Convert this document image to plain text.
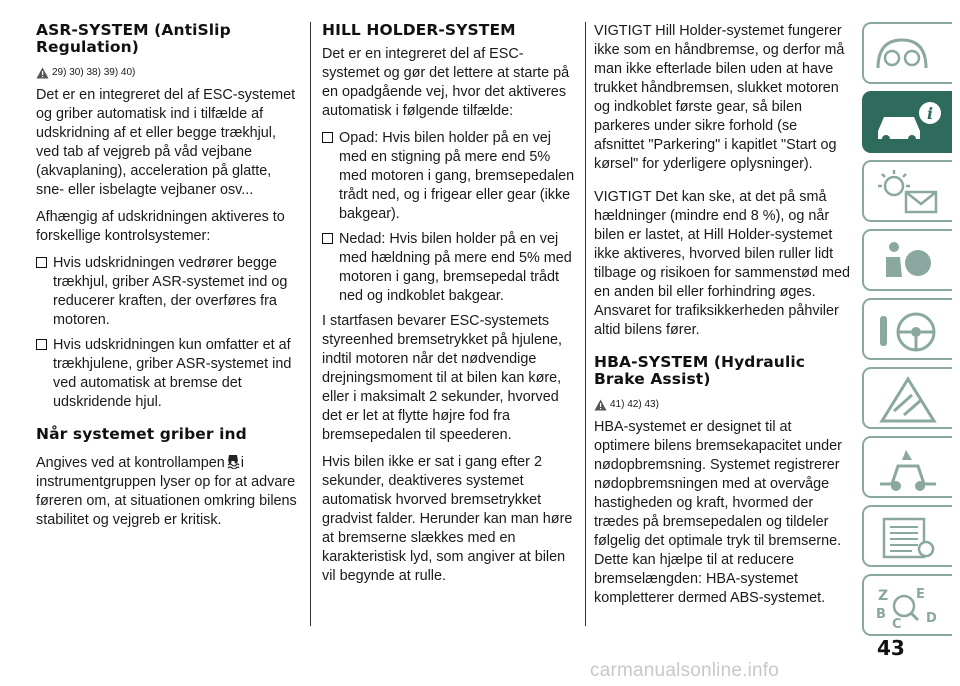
ASR-SYSTEM (AntiSlip Regulation)
29) 30) 38) 39) 40)

Det er en integreret del af ESC-systemet og griber automatisk ind i tilfælde af udskridning af et eller begge trækhjul, ved tab af vejgreb på våd vejbane (akvaplaning), acceleration på glatte, sne- eller isbelagte vejbaner osv...

Afhængig af udskridningen aktiveres to forskellige kontrolsystemer:

Hvis udskridningen vedrører begge trækhjul, griber ASR-systemet ind og reducerer kraften, der overføres fra motoren.

Hvis udskridningen kun omfatter et af trækhjulene, griber ASR-systemet ind ved automatisk at bremse det udskridende hjul.

Når systemet griber ind

Angives ved at kontrollampen i instrumentgruppen lyser op for at advare føreren om, at situationen omkring bilens stabilitet og vejgreb er kritisk.

HILL HOLDER-SYSTEM

Det er en integreret del af ESC-systemet og gør det lettere at starte på en opadgående vej, hvor det aktiveres automatisk i følgende tilfælde:

Opad: Hvis bilen holder på en vej med en stigning på mere end 5% med motoren i gang, bremsepedalen trådt ned, og i frigear eller gear (ikke bakgear).

Nedad: Hvis bilen holder på en vej med hældning på mere end 5% med motoren i gang, bremsepedal trådt ned og indkoblet bakgear.

I startfasen bevarer ESC-systemets styreenhed bremsetrykket på hjulene, indtil motoren når det nødvendige drejningsmoment til at bilen kan køre, eller i maksimalt 2 sekunder, hvorved det er let at flytte højre fod fra bremsepedalen til speederen.

Hvis bilen ikke er sat i gang efter 2 sekunder, deaktiveres systemet automatisk hvorved bremsetrykket gradvist falder. Herunder kan man høre at bremserne slækkes med en karakteristisk lyd, som angiver at bilen vil begynde at rulle.

VIGTIGT Hill Holder-systemet fungerer ikke som en håndbremse, og derfor må man ikke efterlade bilen uden at have trukket håndbremsen, slukket motoren og indkoblet første gear, så bilen parkeres under sikre forhold (se afsnittet "Parkering" i kapitlet "Start og kørsel" for yderligere oplysninger).

VIGTIGT Det kan ske, at det på små hældninger (mindre end 8 %), og når bilen er lastet, at Hill Holder-systemet ikke aktiveres, hvorved bilen ruller lidt tilbage og risikoen for sammenstød med en anden bil eller forhindring øges. Ansvaret for trafiksikkerheden påhviler altid bilens fører.

HBA-SYSTEM (Hydraulic Brake Assist)
41) 42) 43)

HBA-systemet er designet til at optimere bilens bremsekapacitet under nødopbremsning. Systemet registrerer nødopbremsningen med at overvåge hastigheden og kraft, hvormed der trædes på bremsepedalen og tildeler følgelig det optimale tryk til bremserne. Dette kan hjælpe til at reducere bremselængden: HBA-systemet kompletterer dermed ABS-systemet.

i
Z E
B
C D
43
carmanualsonline.info
